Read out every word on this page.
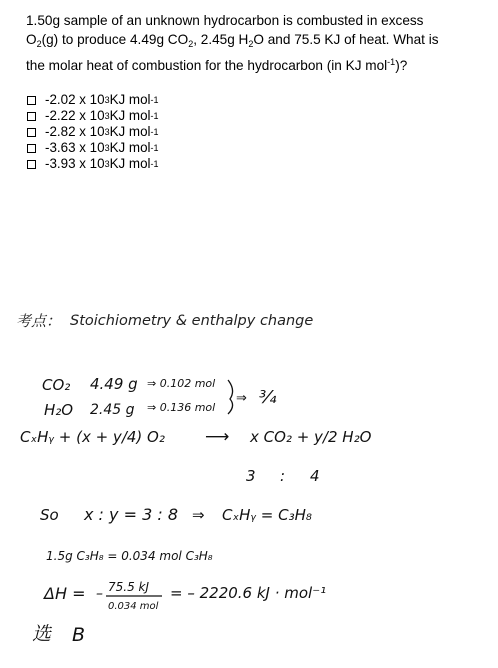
1.50g sample of an unknown hydrocarbon is combusted in excess
$O_2(g)$ to produce 4.49g $CO_2$, 2.45g $H_2O$ and 75.5 KJ of heat. What is
the molar heat of combustion for the hydrocarbon (in KJ mol$^{-1}$)?
-2.02 x 10 3 KJ mol -1
-2.22 x 10 3 KJ mol -1
-2.82 x 10 3 KJ mol -1
-3.63 x 10 3 KJ mol -1
-3.93 x 10 3 KJ mol -1
考点： Stoichiometry & enthalpy change
CO₂ 4.49 g ⇒ 0.102 mol
H₂O 2.45 g ⇒ 0.136 mol
⇒ ¾
CₓHᵧ + (x + y/4) O₂ ⟶ x CO₂ + y/2 H₂O
3 : 4
So x : y = 3 : 8 ⇒ CₓHᵧ = C₃H₈
1.5g C₃H₈ = 0.034 mol C₃H₈
ΔH = – 75.5 kJ
0.034 mol
= – 2220.6 kJ · mol⁻¹
选 B
